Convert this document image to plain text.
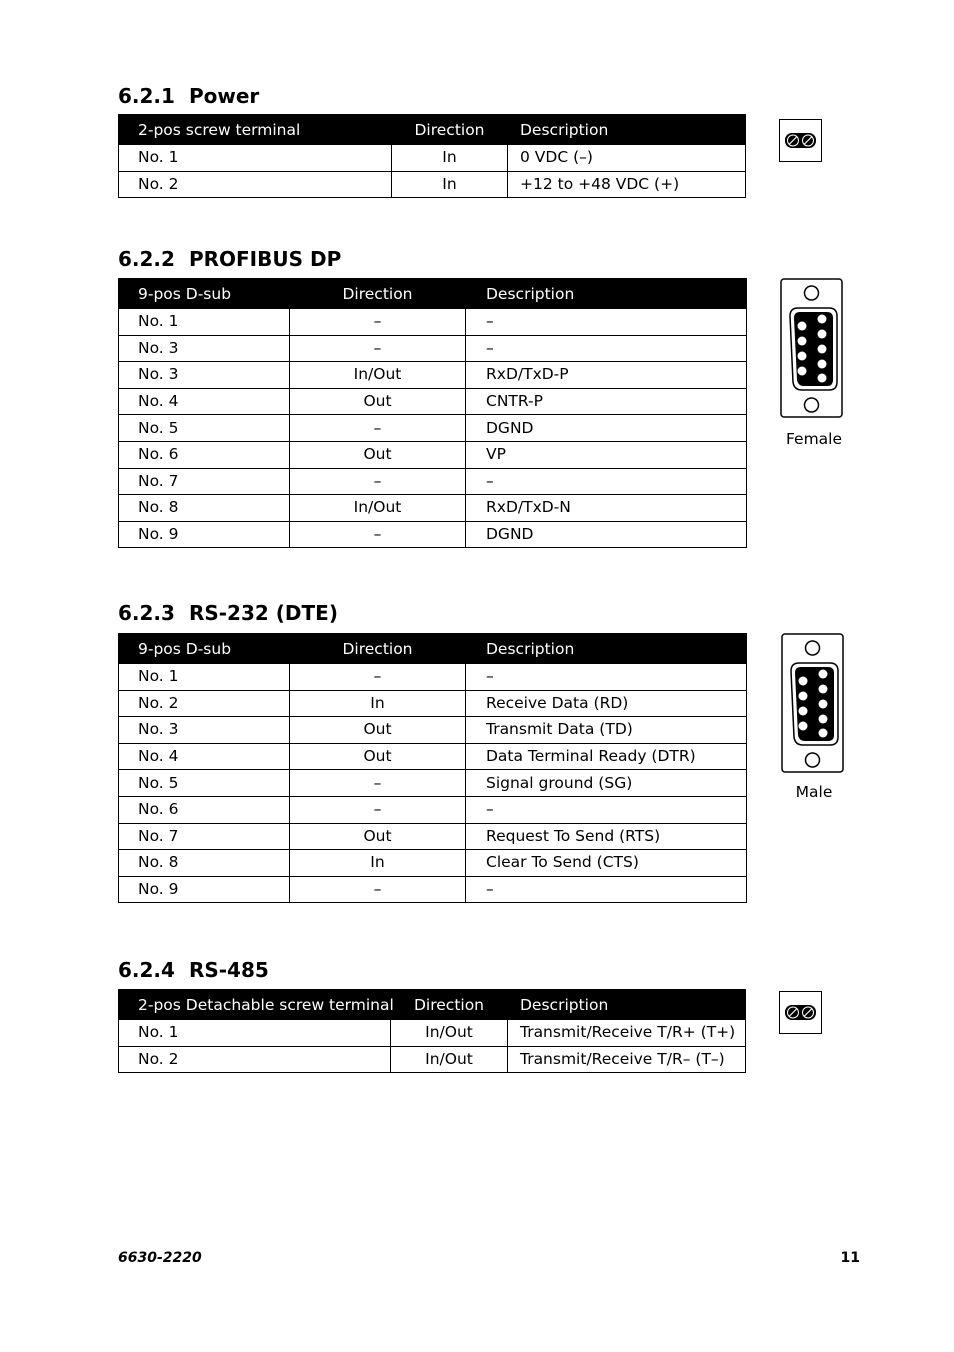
6.2.1 Power
2-pos screw terminal	Direction	Description
No. 1	In	0 VDC (–)
No. 2	In	+12 to +48 VDC (+)
6.2.2 PROFIBUS DP
9-pos D-sub	Direction	Description
No. 1	–	–
No. 3	–	–
No. 3	In/Out	RxD/TxD-P
No. 4	Out	CNTR-P
No. 5	–	DGND
No. 6	Out	VP
No. 7	–	–
No. 8	In/Out	RxD/TxD-N
No. 9	–	DGND
Female
6.2.3 RS-232 (DTE)
9-pos D-sub	Direction	Description
No. 1	–	–
No. 2	In	Receive Data (RD)
No. 3	Out	Transmit Data (TD)
No. 4	Out	Data Terminal Ready (DTR)
No. 5	–	Signal ground (SG)
No. 6	–	–
No. 7	Out	Request To Send (RTS)
No. 8	In	Clear To Send (CTS)
No. 9	–	–
Male
6.2.4 RS-485
2-pos Detachable screw terminal	Direction	Description
No. 1	In/Out	Transmit/Receive T/R+ (T+)
No. 2	In/Out	Transmit/Receive T/R– (T–)
6630-2220	11
